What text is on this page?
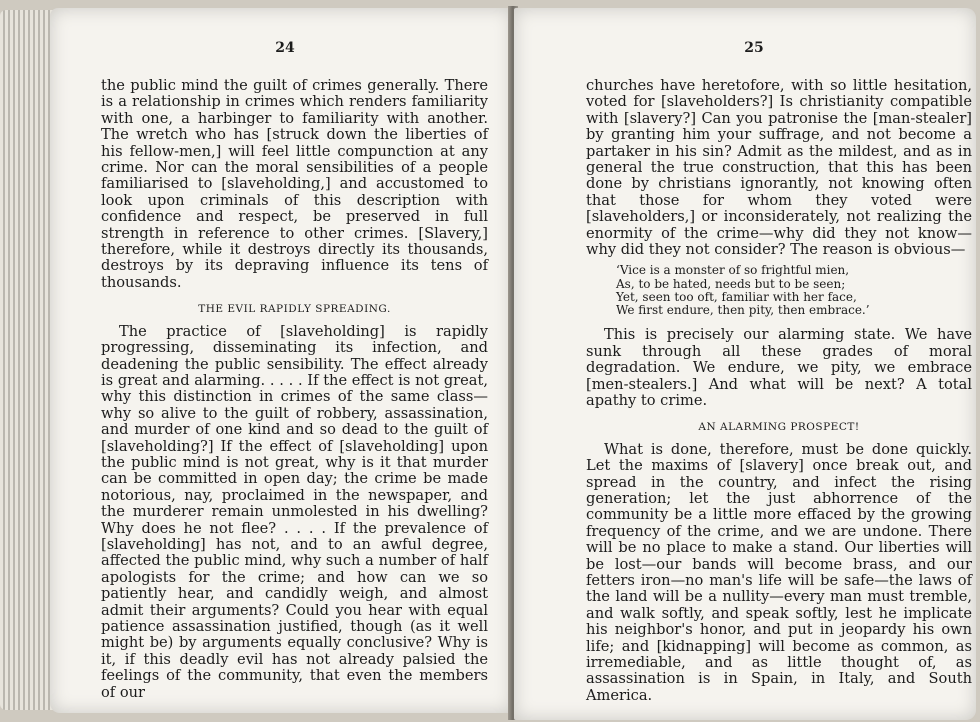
24

the public mind the guilt of crimes generally. There is a relationship in crimes which renders familiarity with one, a harbinger to familiarity with another. The wretch who has [struck down the liberties of his fellow-men,] will feel little compunction at any crime. Nor can the moral sensibilities of a people familiarised to [slaveholding,] and accustomed to look upon criminals of this description with confidence and respect, be preserved in full strength in reference to other crimes. [Slavery,] therefore, while it destroys directly its thousands, destroys by its depraving influence its tens of thousands.

THE EVIL RAPIDLY SPREADING.

The practice of [slaveholding] is rapidly progressing, disseminating its infection, and deadening the public sensibility. The effect already is great and alarming. . . . . If the effect is not great, why this distinction in crimes of the same class—why so alive to the guilt of robbery, assassination, and murder of one kind and so dead to the guilt of [slaveholding?] If the effect of [slaveholding] upon the public mind is not great, why is it that murder can be committed in open day; the crime be made notorious, nay, proclaimed in the newspaper, and the murderer remain unmolested in his dwelling? Why does he not flee? . . . . If the prevalence of [slaveholding] has not, and to an awful degree, affected the public mind, why such a number of half apologists for the crime; and how can we so patiently hear, and candidly weigh, and almost admit their arguments? Could you hear with equal patience assassination justified, though (as it well might be) by arguments equally conclusive? Why is it, if this deadly evil has not already palsied the feelings of the community, that even the members of our

25

churches have heretofore, with so little hesitation, voted for [slaveholders?] Is christianity compatible with [slavery?] Can you patronise the [man-stealer] by granting him your suffrage, and not become a partaker in his sin? Admit as the mildest, and as in general the true construction, that this has been done by christians ignorantly, not knowing often that those for whom they voted were [slaveholders,] or inconsiderately, not realizing the enormity of the crime—why did they not know—why did they not consider? The reason is obvious—

‘Vice is a monster of so frightful mien,
As, to be hated, needs but to be seen;
Yet, seen too oft, familiar with her face,
We first endure, then pity, then embrace.’

This is precisely our alarming state. We have sunk through all these grades of moral degradation. We endure, we pity, we embrace [men-stealers.] And what will be next? A total apathy to crime.

AN ALARMING PROSPECT!

What is done, therefore, must be done quickly. Let the maxims of [slavery] once break out, and spread in the country, and infect the rising generation; let the just abhorrence of the community be a little more effaced by the growing frequency of the crime, and we are undone. There will be no place to make a stand. Our liberties will be lost—our bands will become brass, and our fetters iron—no man's life will be safe—the laws of the land will be a nullity—every man must tremble, and walk softly, and speak softly, lest he implicate his neighbor's honor, and put in jeopardy his own life; and [kidnapping] will become as common, as irremediable, and as little thought of, as assassination is in Spain, in Italy, and South America.
